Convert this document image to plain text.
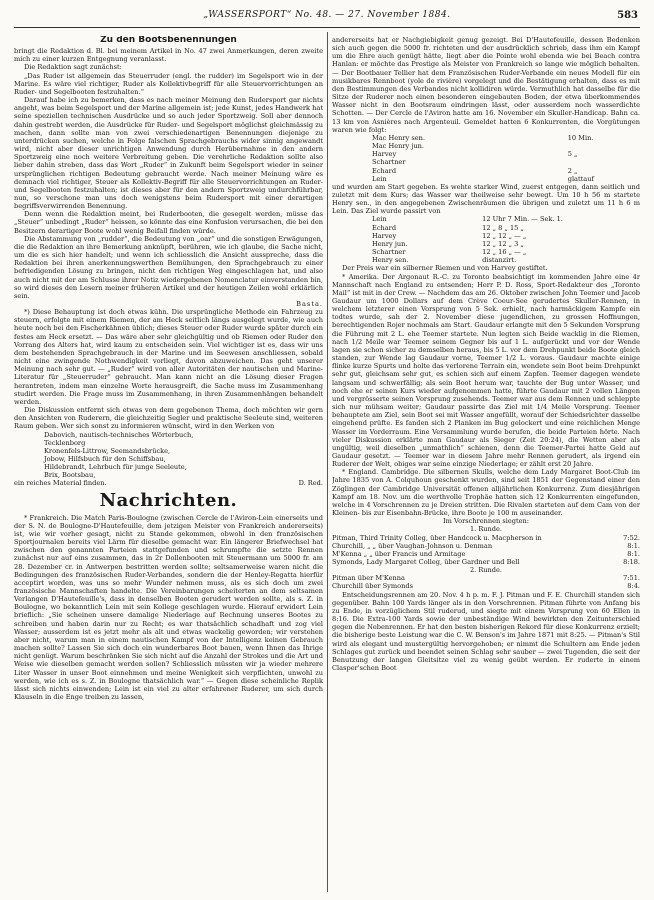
„WASSERSPORT“ No. 48. — 27. November 1884.	583
Zu den Bootsbenennungen

bringt die Redaktion d. Bl. bei meinem Artikel in No. 47 zwei Anmerkungen, deren zweite mich zu einer kurzen Entgegnung veranlasst.

Die Redaktion sagt zunächst:

„Das Ruder ist allgemein das Steuerruder (engl. the rudder) im Segelsport wie in der Marine. Es wäre viel richtiger, Ruder als Kollektivbegriff für alle Steuervorrichtungen an Ruder- und Segelbooten festzuhalten.“

Darauf habe ich zu bemerken, dass es nach meiner Meinung den Rudersport gar nichts angeht, was beim Segelsport und der Marine allgemein ist; jede Kunst, jedes Handwerk hat seine speziellen technischen Ausdrücke und so auch jeder Sportzweig. Soll aber dennoch dahin gestrebt werden, die Ausdrücke für Ruder- und Segelsport möglichst gleichmässig zu machen, dann sollte man von zwei verschiedenartigen Benennungen diejenige zu unterdrücken suchen, welche in Folge falschen Sprachgebrauchs wider sinnig angewandt wird, nicht aber dieser unrichtigen Anwendung durch Herübernahme in den andern Sportzweig eine noch weitere Verbreitung geben. Die verehrliche Redaktion sollte also lieber dahin streben, dass das Wort „Ruder“ in Zukunft beim Segelsport wieder in seiner ursprünglichen richtigen Bedeutung gebraucht werde. Nach meiner Meinung wäre es demnach viel richtiger, Steuer als Kollektiv-Begriff für alle Steuervorrichtungen an Ruder- und Segelbooten festzuhalten; ist dieses aber für den andern Sportzweig undurchführbar, nun, so verschone man uns doch wenigstens beim Rudersport mit einer derartigen begriffsverwirrenden Benennung.

Denn wenn die Redaktion meint, bei Ruderbooten, die gesegelt werden, müsse das „Steuer“ unbedingt „Ruder“ heissen, so könnte das eine Konfusion verursachen, die bei den Besitzern derartiger Boote wohl wenig Beifall finden würde.

Die Abstammung von „rudder“, die Bedeutung von „oar“ und die sonstigen Erwägungen, die die Redaktion an ihre Bemerkung anknüpft, berühren, wie ich glaube, die Sache nicht, um die es sich hier handelt; und wenn ich schliesslich die Ansicht ausspreche, dass die Redaktion bei ihren anerkennungswerthen Bemühungen, den Sprachgebrauch zu einer befriedigenden Lösung zu bringen, nicht den richtigen Weg eingeschlagen hat, und also auch nicht mit der am Schlusse ihrer Notiz wiedergebenen Nomenclatur einverstanden bin, so wird dieses den Lesern meiner früheren Artikel und der heutigen Zeilen wohl erklärlich sein.

Basta.

*) Diese Behauptung ist doch etwas kühn. Die ursprüngliche Methode ein Fahrzeug zu steuern, erfolgte mit einem Riemen, der am Heck seitlich längs ausgelegt wurde, wie auch heute noch bei den Fischerkähnen üblich; dieses Steuer oder Ruder wurde später durch ein festes am Heck ersetzt. — Das wäre aber sehr gleichgültig und ob Riemen oder Ruder den Vorrang des Alters hat, wird kaum zu entscheiden sein. Viel wichtiger ist es, dass wir uns dem bestehenden Sprachgebrauch in der Marine und im Seewesen anschliessen, sobald nicht eine zwingende Nothwendigkeit vorliegt, davon abzuweichen. Das geht unserer Meinung nach sehr gut. — „Ruder“ wird von aller Autoritäten der nautischen und Marine-Literatur für „Steuerruder“ gebraucht. Man kann nicht an die Lösung dieser Fragen herantreten, indem man einzelne Worte herausgreift, die Sache muss im Zusammenhang studirt werden. Die Frage muss im Zusammenhang, in ihren Zusammenhängen behandelt werden.

Die Diskussion entfernt sich etwas von dem gegebenen Thema, doch möchten wir gern den Ansichten von Ruderern, die gleichzeitig Segler und praktische Seeleute sind, weiteren Raum geben. Wer sich sonst zu informieren wünscht, wird in den Werken von

Dabovich, nautisch-technisches Wörterbuch,
Tecklenborg
Kronenfels-Littrow, Seemandsbrücke,
Jobow, Hilfsbuch für den Schiffsbau,
Hildebrandt, Lehrbuch für junge Seeleute,
Brix, Bootsbau,
ein reiches Material finden.	D. Red.
Nachrichten.

* Frankreich. Die Match Paris-Boulogne (zwischen Cercle de l'Aviron-Lein einerseits und der S. N. de Boulogne-D'Hautefeuille, dem jetzigen Meister von Frankreich andererseits) ist, wie wir vorher gesagt, nicht zu Stande gekommen, obwohl in den französischen Sportjournalen bereits viel Lärm für dieselbe gemacht war. Ein längerer Briefwechsel hat zwischen den genannten Parteien stattgefunden und schrumpfte die setzte Rennen zunächst nur auf eins zusammen, das in 2r Dollenbooten mit Steuermann um 5000 fr. am 28. Dezember cr. in Antwerpen bestritten werden sollte; seltsamerweise waren nicht die Bedingungen des französischen Ruder-Verbandes, sondern die der Henley-Regatta hierfür acceptirt worden, was uns so mehr Wunder nehmen muss, als es sich doch um zwei französische Mannschaften handelte. Die Vereinbarungen scheiterten an dem seltsamen Verlangen D'Hautefeuille's, dass in denselben Booten gerudert werden sollte, als s. Z. in Boulogne, wo bekanntlich Lein mit sein Kollege geschlagen wurde. Hierauf erwidert Lein brieflich: „Sie scheinen unsere damalige Niederlage auf Rechnung unseres Bootes zu schreiben und haben darin nur zu Recht; es war thatsächlich schadhaft und zog viel Wasser; ausserdem ist es jetzt mehr als alt und etwas wackelig geworden; wir verstehen aber nicht, warum man in einem nautischen Kampf von der Intelligenz keinen Gebrauch machen sollte? Lassen Sie sich doch ein wunderbares Boot bauen, wenn Ihnen das Ihrige nicht genügt. Warum beschränken Sie sich nicht auf die Anzahl der Strokes und die Art und Weise wie dieselben gemacht werden sollen? Schliesslich müssten wir ja wieder mehrere Liter Wasser in unser Boot einnehmen und meine Wenigkeit sich verpflichten, unwohl zu werden, wie ich es s. Z. in Boulogne thatsächlich war.“ — Gegen diese scheinliche Replik lässt sich nichts einwenden; Lein ist ein viel zu alter erfahrener Ruderer, um sich durch Klauseln in die Enge treiben zu lassen,

andererseits hat er Nachgiebigkeit genug gezeigt. Bei D'Hautefeuille, dessen Bedenken sich auch gegen die 5000 fr. richteten und der ausdrücklich schrieb, dass ihm ein Kampf um die Ehre auch genügt hätte, liegt aber die Pointe wohl ebenda wie bei Beach contra Hanlan: er möchte das Prestige als Meister von Frankreich so lange wie möglich behalten. — Der Bootbauer Tellier hat dem Französischen Ruder-Verbande ein neues Modell für ein musikbares Rennboot (yole de rivière) vorgelegt und die Bestätigung erhalten, dass es mit den Bestimmungen des Verbandes nicht kollidiren würde. Vermuthlich hat dasselbe für die Sitze der Ruderer noch einen besonderen eingebauten Boden, der etwa überkommendes Wasser nicht in den Bootsraum eindringen lässt, oder ausserdem noch wasserdichte Schotten. — Der Cercle de l'Aviron hatte am 16. November ein Skuller-Handicap. Bahn ca. 13 km von Asnières nach Argenteuil. Gemeldet hatten 6 Konkurrenten, die Vorgütungen waren wie folgt:

Mac Henry sen.	10 Min.
Mac Henry jun.	
Harvey	5 „
Schartner	
Echard	2 „
Lein	glattauf

und wurden am Start gegeben. Es wehte starker Wind, zuerst entgegen, dann seitlich und zuletzt mit dem Kurs; das Wasser war theilweise sehr bewegt. Um 10 h 56 m startete Henry sen., in den angegebenen Zwischenräumen die übrigen und zuletzt um 11 h 6 m Lein. Das Ziel wurde passirt von

Lein	12 Uhr 7 Min. — Sek. 1.
Echard	12 „ 8 „ 15 „
Harvey	12 „ 12 „ — „
Henry jun.	12 „ 12 „ 3 „
Schartner	12 „ 16 „ — „
Henry sen.	distanzirt.

Der Preis war ein silberner Riemen und von Harvey gestiftet.

* Amerika. Der Argonaut R.-C. zu Toronto beabsichtigt im kommenden Jahre eine 4r Mannschaft nach England zu entsenden; Herr P. D. Ross, Sport-Redakteur des „Toronto Mail“ ist mit in der Crew. — Nachdem das am 26. Oktober zwischen John Teemer und Jacob Gaudaur um 1000 Dollars auf dem Crève Coeur-See gerudertes Skuller-Rennen, in welchem letzterer einen Vorsprung von 5 Sek. erhielt, nach harmäckigem Kampfe ein todtes wurde, sah der 2. November diese jugendlichen, zu grossen Hoffnungen, berechtigenden Rojer nochmals am Start. Gaudaur erlangte mit den 5 Sekunden Vorsprung die Führung mit 2 L. ehe Teemer startete. Nun legten sich Beide wacklig in die Riemen, nach 1/2 Meile war Teemer seinem Gegner bis auf 1 L. aufgerückt und vor der Wende lagen sie schon sicher zu demselben heraus, bis 5 L. vor dem Drehpunkt beide Boote gleich standen, zur Wende lag Gaudaur vorne, Teemer 1/2 L. voraus. Gaudaur machte einige flinke kurze Spurts und holte das verlorene Terrain ein, wendete sein Boot beim Drehpunkt sehr gut, gleichsam sehr gut, es schien sich auf einem Zapfen. Teemer dagegen wendete langsam und schwerfällig; als sein Boot herum war, tauchte der Bug unter Wasser, und noch ehe er seinen Kurs wieder aufgenommen hatte, führte Gaudaur mit 2 vollen Längen und vergrösserte seinen Vorsprung zusehends. Teemer war aus dem Rennen und schleppte sich nur mühsam weiter; Gaudaur passirte das Ziel mit 1/4 Meile Vorsprung. Teemer behauptete am Ziel, sein Boot sei mit Wasser angefüllt, worauf der Schiedsrichter dasselbe eingehend prüfte. Es fanden sich 2 Planken im Bug gelockert und eine reichlichen Menge Wasser im Vorderraum. Eine Versammlung wurde berufen, die beide Parteien hörte. Nach vieler Diskussion erklärte man Gaudaur als Sieger (Zeit 20:24), die Wetten aber als ungültig, weil dieselben „unmathlich“ schienen, denn die Teemer-Partei hatte Geld auf Gaudaur gesetzt. — Teemer war in diesem Jahre mehr Rennen gerudert, als irgend ein Ruderer der Welt, obiges war seine einzige Niederlage; er zählt erst 20 Jahre.

* England. Cambridge. Die silbernen Skulls, welche dem Lady Margaret Boot-Club im Jahre 1835 von A. Colquhoun geschenkt wurden, sind seit 1851 der Gegenstand einer den Zöglingen der Cambridge Universität offenen alljährlichen Konkurrenz. Zum diesjährigen Kampf am 18. Nov. um die werthvolle Trophäe hatten sich 12 Konkurrenten eingefunden, welche in 4 Vorschrennen zu je Dreien stritten. Die Rivalen starteten auf dem Cam von der Kleinen- bis zur Eisenbahn-Brücke, ihre Boote je 100 m auseinander.

Im Vorschrennen siegten:

1. Runde.
Pitman, Third Trinity Colleg, über Handcock u. Macpherson in	7:52.
Churchill, „ „ über Vaughan-Johnson u. Denman	8:1.
M'Kenna „ „ über Francis und Armitage	8:1.
Symonds, Lady Margaret Colleg, über Gardner und Bell	8:18.
2. Runde.
Pitman über M'Kenna	7:51.
Churchill über Symonds	8:4.

Entscheidungsrennen am 20. Nov. 4 h p. m. F. J. Pitman und F. E. Churchill standen sich gegenüber. Bahn 100 Yards länger als in den Vorschrennen. Pitman führte von Anfang bis zu Ende, in vorzüglichem Stil ruderud, und siegte mit einem Vorsprung von 60 Ellen in 8:16. Die Extra-100 Yards sowie der unbeständige Wind bewirkten den Zeitunterschied gegen die Nebenrennen. Er hat den besten bisherigen Rekord für diese Konkurrenz erzielt; die bisherige beste Leistung war die C. W. Benson's im Jahre 1871 mit 8:25. — Pitman's Stil wird als elegant und mustergültig hervorgehoben; er nimmt die Schultern am Ende jeden Schlages gut zurück und beendet seinen Schlag sehr sauber — zwei Tugenden, die seit der Benutzung der langen Gleitsitze viel zu wenig geübt werden. Er ruderte in einem Clasper'schen Boot
